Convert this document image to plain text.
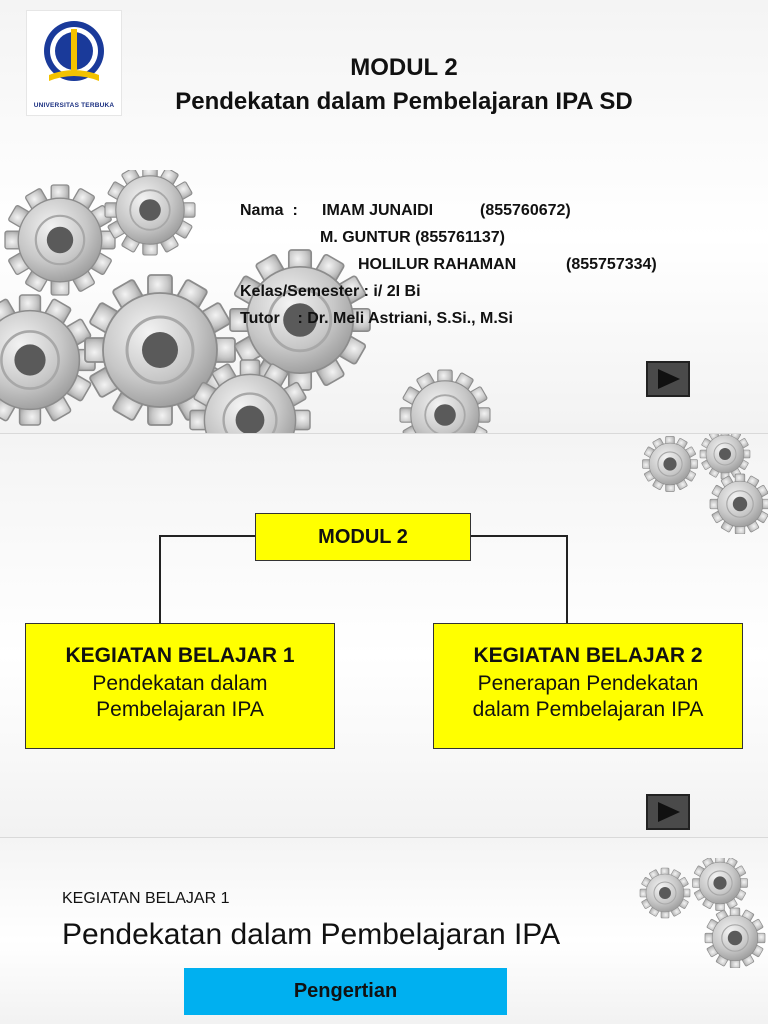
UNIVERSITAS TERBUKA
MODUL 2
Pendekatan dalam Pembelajaran IPA SD
Nama  : IMAM JUNAIDI	(855760672)
M. GUNTUR (855761137)
HOLILUR RAHAMAN	(855757334)
Kelas/Semester : i/ 2I Bi
Tutor    : Dr. Meli Astriani, S.Si., M.Si
MODUL 2
KEGIATAN BELAJAR 1
Pendekatan dalam
Pembelajaran IPA
KEGIATAN BELAJAR 2
Penerapan Pendekatan
dalam Pembelajaran IPA
KEGIATAN BELAJAR 1
Pendekatan dalam Pembelajaran IPA
Pengertian
